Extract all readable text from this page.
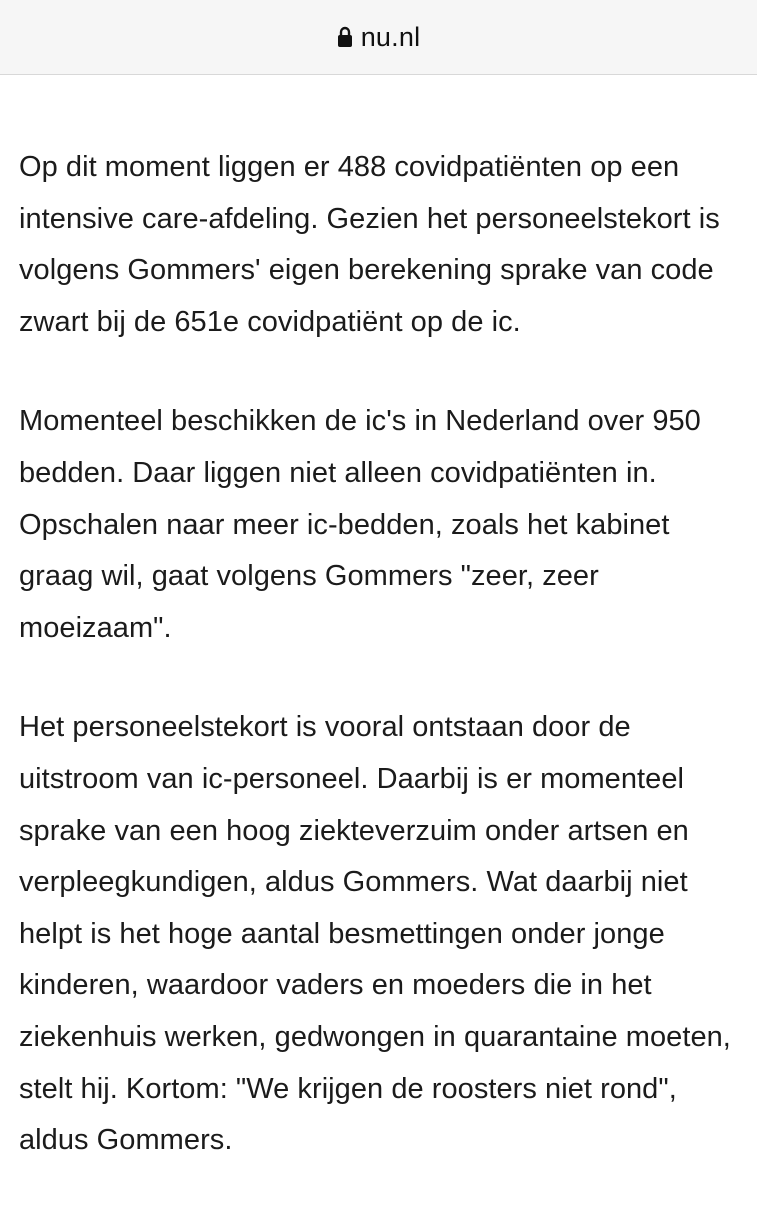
nu.nl

Op dit moment liggen er 488 covidpatiënten op een intensive care-afdeling. Gezien het personeelstekort is volgens Gommers' eigen berekening sprake van code zwart bij de 651e covidpatiënt op de ic.

Momenteel beschikken de ic's in Nederland over 950 bedden. Daar liggen niet alleen covidpatiënten in. Opschalen naar meer ic-bedden, zoals het kabinet graag wil, gaat volgens Gommers "zeer, zeer moeizaam".

Het personeelstekort is vooral ontstaan door de uitstroom van ic-personeel. Daarbij is er momenteel sprake van een hoog ziekteverzuim onder artsen en verpleegkundigen, aldus Gommers. Wat daarbij niet helpt is het hoge aantal besmettingen onder jonge kinderen, waardoor vaders en moeders die in het ziekenhuis werken, gedwongen in quarantaine moeten, stelt hij. Kortom: "We krijgen de roosters niet rond", aldus Gommers.
